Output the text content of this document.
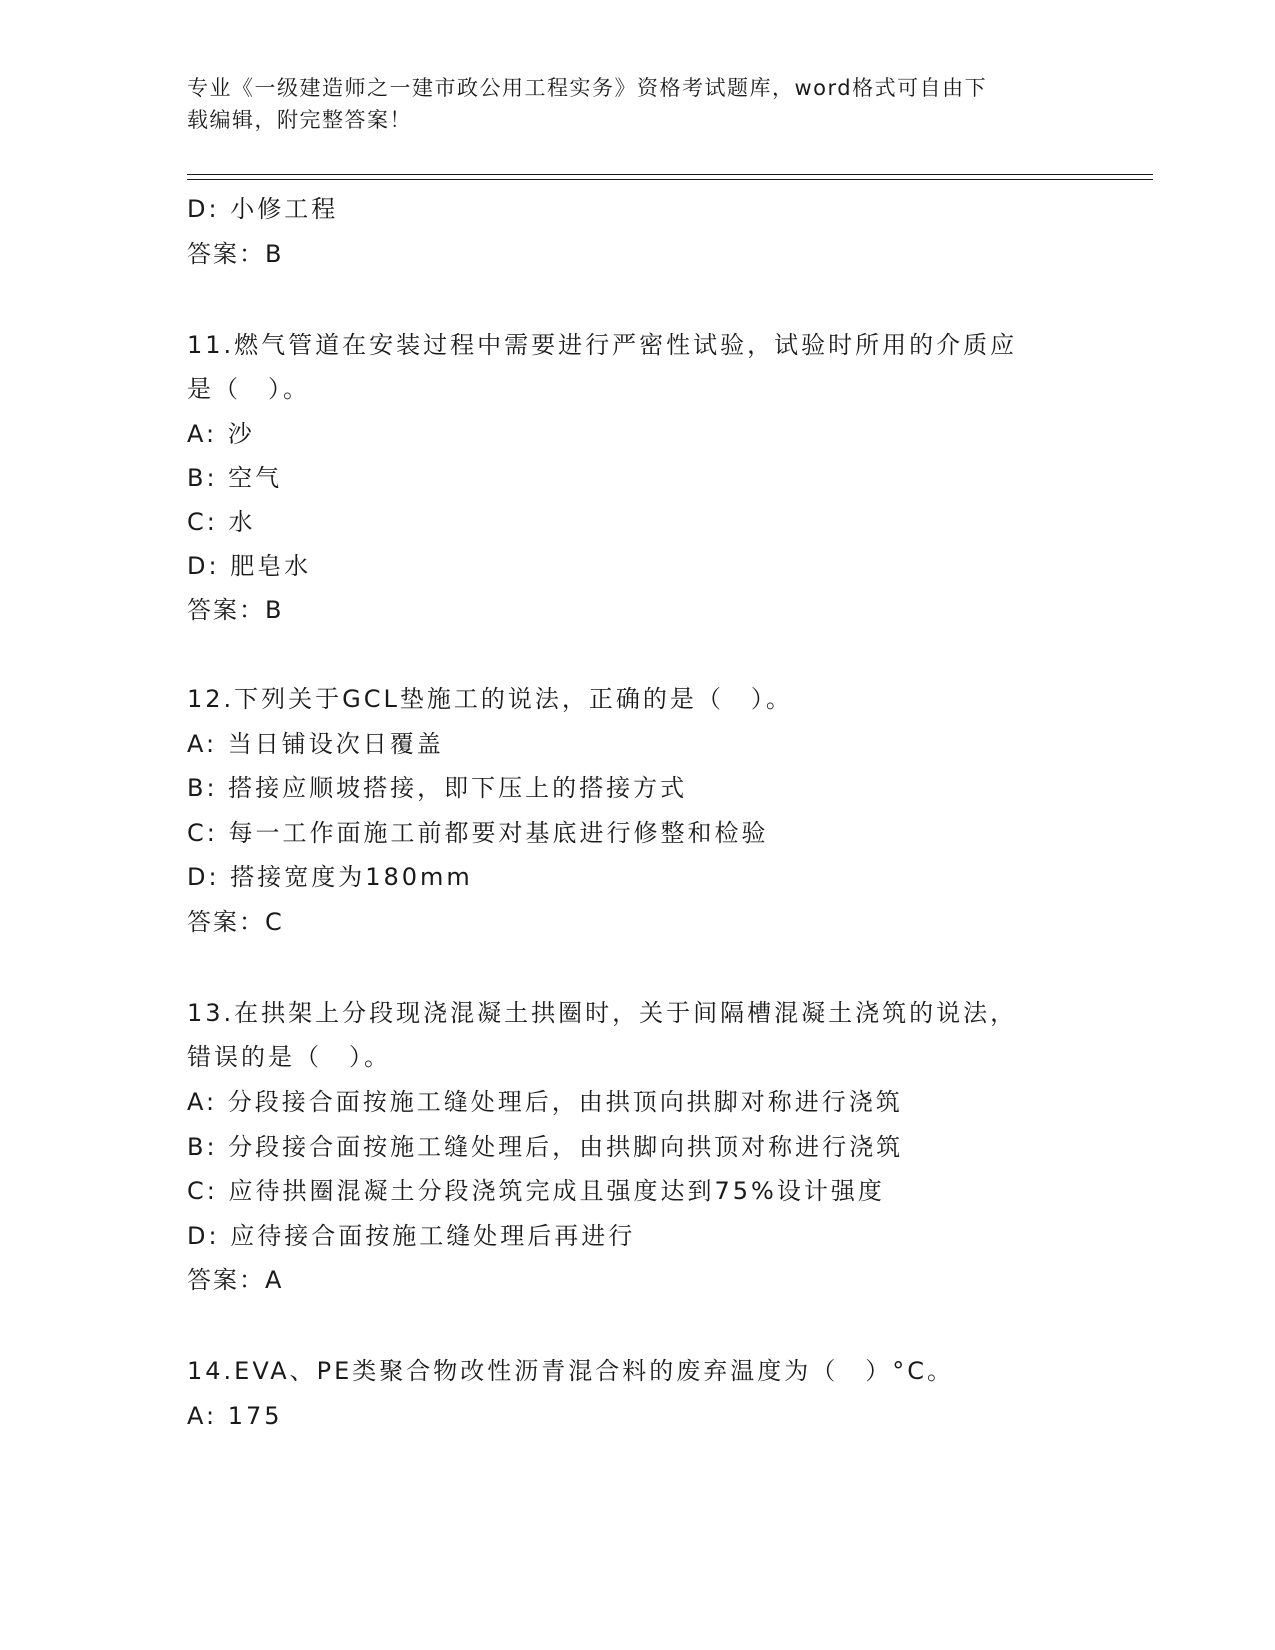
专业《一级建造师之一建市政公用工程实务》资格考试题库，word格式可自由下
载编辑，附完整答案！
D: 小修工程
答案：B
11.燃气管道在安装过程中需要进行严密性试验，试验时所用的介质应
是（　）。
A: 沙
B: 空气
C: 水
D: 肥皂水
答案：B
12.下列关于GCL垫施工的说法，正确的是（　）。
A: 当日铺设次日覆盖
B: 搭接应顺坡搭接，即下压上的搭接方式
C: 每一工作面施工前都要对基底进行修整和检验
D: 搭接宽度为180mm
答案：C
13.在拱架上分段现浇混凝土拱圈时，关于间隔槽混凝土浇筑的说法，
错误的是（　）。
A: 分段接合面按施工缝处理后，由拱顶向拱脚对称进行浇筑
B: 分段接合面按施工缝处理后，由拱脚向拱顶对称进行浇筑
C: 应待拱圈混凝土分段浇筑完成且强度达到75%设计强度
D: 应待接合面按施工缝处理后再进行
答案：A
14.EVA、PE类聚合物改性沥青混合料的废弃温度为（　）°C。
A: 175
